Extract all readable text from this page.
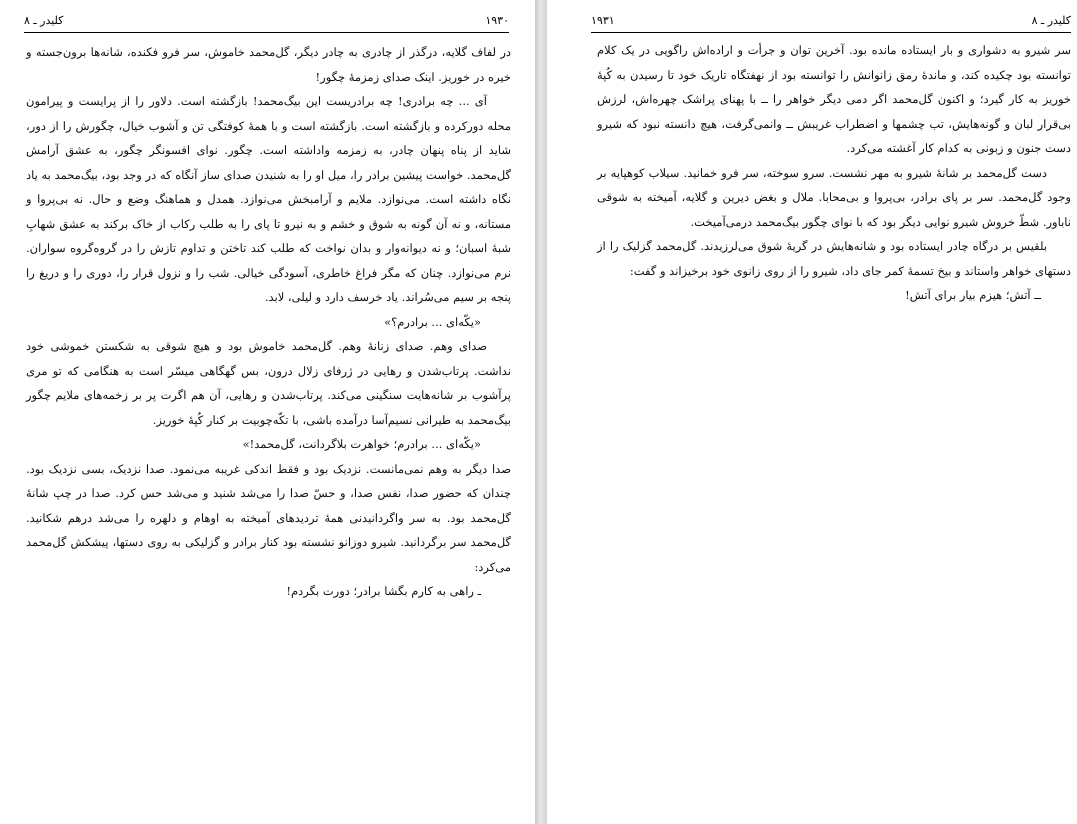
۱۹۳۰
کلیدر ـ ۸

در لفاف گلایه، درگذر از چادری به چادر دیگر، گل‌محمد خاموش، سر فرو فکنده، شانه‌ها برون‌جسته و خیره در خوریز. اینک صدای زمزمهٔ چگور!

آی ... چه برادری! چه برادریست این بیگ‌محمد! بازگشته است. دلاور را از پرایست و پیرامون محله دورکرده و بازگشته است. بازگشته است و با همهٔ کوفتگی تن و آشوب خیال، چگورش را از دور، شاید از پناه پنهان چادر، به زمزمه واداشته است. چگور. نوای افسونگر چگور، به عشق آرامش گل‌محمد. خواست پیشین برادر را، میل او را به شنیدن صدای ساز آنگاه که در وجد بود، بیگ‌محمد به یاد نگاه داشته است. می‌نوازد. ملایم و آرامبخش می‌نوازد. همدل و هماهنگ وضع و حال. نه بی‌پروا و مستانه، و نه آن گونه به شوق و خشم و به نیرو تا پای را به طلب رکاب از خاک برکند به عشق شهابِ شبهٔ اسبان؛ و نه دیوانه‌وار و بدان نواخت که طلب کند تاختن و تداوم تازش را در گروه‌گروه سواران. نرم می‌نوازد. چنان که مگر فراغ خاطری، آسودگی خیالی. شب را و نزول قرار را، دوری را و دریغ را پنجه بر سیم می‌سُراند. یاد خرسف دارد و لیلی، لابد.

«یکّه‌ای ... برادرم؟»

صدای وهم. صدای زنانهٔ وهم. گل‌محمد خاموش بود و هیچ شوقی به شکستن خموشی خود نداشت. پرتاب‌شدن و رهایی در ژرفای زلال درون، بس گهگاهی میسّر است به هنگامی که تو مری پرآشوب بر شانه‌هایت سنگینی می‌کند. پرتاب‌شدن و رهایی، آن هم اگرت پر بر زخمه‌های ملایم چگور بیگ‌محمد به طیرانی نسیم‌آسا درآمده باشی، با تکّه‌چوبیت بر کنار کُپهٔ خوریز.

«یکّه‌ای ... برادرم؛ خواهرت بلاگردانت، گل‌محمد!»

صدا دیگر به وهم نمی‌مانست. نزدیک بود و فقط اندکی غریبه می‌نمود. صدا نزدیک، بسی نزدیک بود. چندان که حضور صدا، نفس صدا، و حسّ صدا را می‌شد شنید و می‌شد حس کرد. صدا در چپ شانهٔ گل‌محمد بود. به سر واگردانیدنی همهٔ تردیدهای آمیخته به اوهام و دلهره را می‌شد درهم شکانید. گل‌محمد سر برگردانید. شیرو دوزانو نشسته بود کنار برادر و گزلیکی به روی دستها، پیشکش گل‌محمد می‌کرد:

ـ راهی به کارم بگشا برادر؛ دورت بگردم!

۱۹۳۱	کلیدر ـ ۸

سر شیرو به دشواری و بار ایستاده مانده بود. آخرین توان و جرأت و اراده‌اش راگویی در یک کلام توانسته بود چکیده کند، و ماندهٔ رمق زانوانش را توانسته بود از نهفتگاه تاریک خود تا رسیدن به کُپهٔ خوریز به کار گیرد؛ و اکنون گل‌محمد اگر دمی دیگر خواهر را ــ با پهنای پراشک چهره‌اش، لرزش بی‌قرار لبان و گونه‌هایش، تب چشمها و اضطراب غریبش ــ وانمی‌گرفت، هیچ دانسته نبود که شیرو دست جنون و زبونی به کدام کار آغشته می‌کرد.

دست گل‌محمد بر شانهٔ شیرو به مهر نشست. سرو سوخته، سر فرو خمانید. سیلاب کوهپایه بر وجود گل‌محمد. سر بر پای برادر، بی‌پروا و بی‌محابا. ملال و بغض دیرین و گلایه، آمیخته به شوقی ناباور. شطّ خروش شیرو نوایی دیگر بود که با نوای چگور بیگ‌محمد درمی‌آمیخت.

بلقیس بر درگاه چادر ایستاده بود و شانه‌هایش در گریهٔ شوق می‌لرزیدند. گل‌محمد گزلیک را از دستهای خواهر واستاند و بیخ تسمهٔ کمر جای داد، شیرو را از روی زانوی خود برخیزاند و گفت:

ــ آتش؛ هیزم بیار برای آتش!
